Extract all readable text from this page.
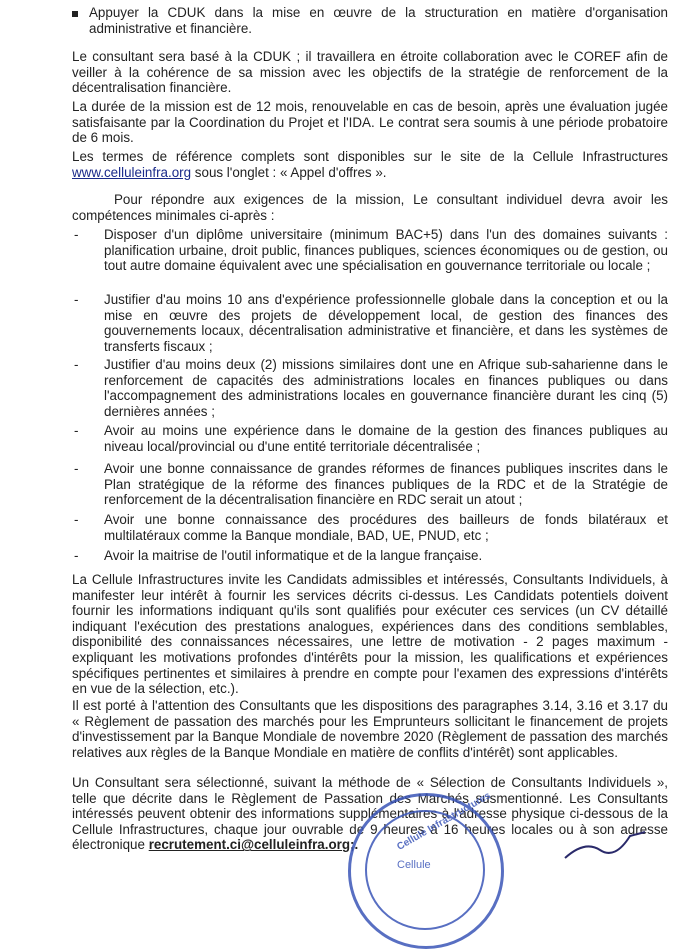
Appuyer la CDUK dans la mise en œuvre de la structuration en matière d'organisation administrative et financière.
Le consultant sera basé à la CDUK ; il travaillera en étroite collaboration avec le COREF afin de veiller à la cohérence de sa mission avec les objectifs de la stratégie de renforcement de la décentralisation financière.
La durée de la mission est de 12 mois, renouvelable en cas de besoin, après une évaluation jugée satisfaisante par la Coordination du Projet et l'IDA. Le contrat sera soumis à une période probatoire de 6 mois.
Les termes de référence complets sont disponibles sur le site de la Cellule Infrastructures www.celluleinfra.org sous l'onglet : « Appel d'offres ».
Pour répondre aux exigences de la mission, Le consultant individuel devra avoir les compétences minimales ci-après :
- Disposer d'un diplôme universitaire (minimum BAC+5) dans l'un des domaines suivants : planification urbaine, droit public, finances publiques, sciences économiques ou de gestion, ou tout autre domaine équivalent avec une spécialisation en gouvernance territoriale ou locale ;
- Justifier d'au moins 10 ans d'expérience professionnelle globale dans la conception et ou la mise en œuvre des projets de développement local, de gestion des finances des gouvernements locaux, décentralisation administrative et financière, et dans les systèmes de transferts fiscaux ;
- Justifier d'au moins deux (2) missions similaires dont une en Afrique sub-saharienne dans le renforcement de capacités des administrations locales en finances publiques ou dans l'accompagnement des administrations locales en gouvernance financière durant les cinq (5) dernières années ;
- Avoir au moins une expérience dans le domaine de la gestion des finances publiques au niveau local/provincial ou d'une entité territoriale décentralisée ;
- Avoir une bonne connaissance de grandes réformes de finances publiques inscrites dans le Plan stratégique de la réforme des finances publiques de la RDC et de la Stratégie de renforcement de la décentralisation financière en RDC serait un atout ;
- Avoir une bonne connaissance des procédures des bailleurs de fonds bilatéraux et multilatéraux comme la Banque mondiale, BAD, UE, PNUD, etc ;
- Avoir la maitrise de l'outil informatique et de la langue française.
La Cellule Infrastructures invite les Candidats admissibles et intéressés, Consultants Individuels, à manifester leur intérêt à fournir les services décrits ci-dessus. Les Candidats potentiels doivent fournir les informations indiquant qu'ils sont qualifiés pour exécuter ces services (un CV détaillé indiquant l'exécution des prestations analogues, expériences dans des conditions semblables, disponibilité des connaissances nécessaires, une lettre de motivation - 2 pages maximum - expliquant les motivations profondes d'intérêts pour la mission, les qualifications et expériences spécifiques pertinentes et similaires à prendre en compte pour l'examen des expressions d'intérêts en vue de la sélection, etc.).
Il est porté à l'attention des Consultants que les dispositions des paragraphes 3.14, 3.16 et 3.17 du « Règlement de passation des marchés pour les Emprunteurs sollicitant le financement de projets d'investissement par la Banque Mondiale de novembre 2020 (Règlement de passation des marchés relatives aux règles de la Banque Mondiale en matière de conflits d'intérêt) sont applicables.
Un Consultant sera sélectionné, suivant la méthode de « Sélection de Consultants Individuels », telle que décrite dans le Règlement de Passation des Marchés susmentionné. Les Consultants intéressés peuvent obtenir des informations supplémentaires à l'adresse physique ci-dessous de la Cellule Infrastructures, chaque jour ouvrable de 9 heures à 16 heures locales ou à son adresse électronique recrutement.ci@celluleinfra.org;.	Cellule Infrastructures
Cellule
